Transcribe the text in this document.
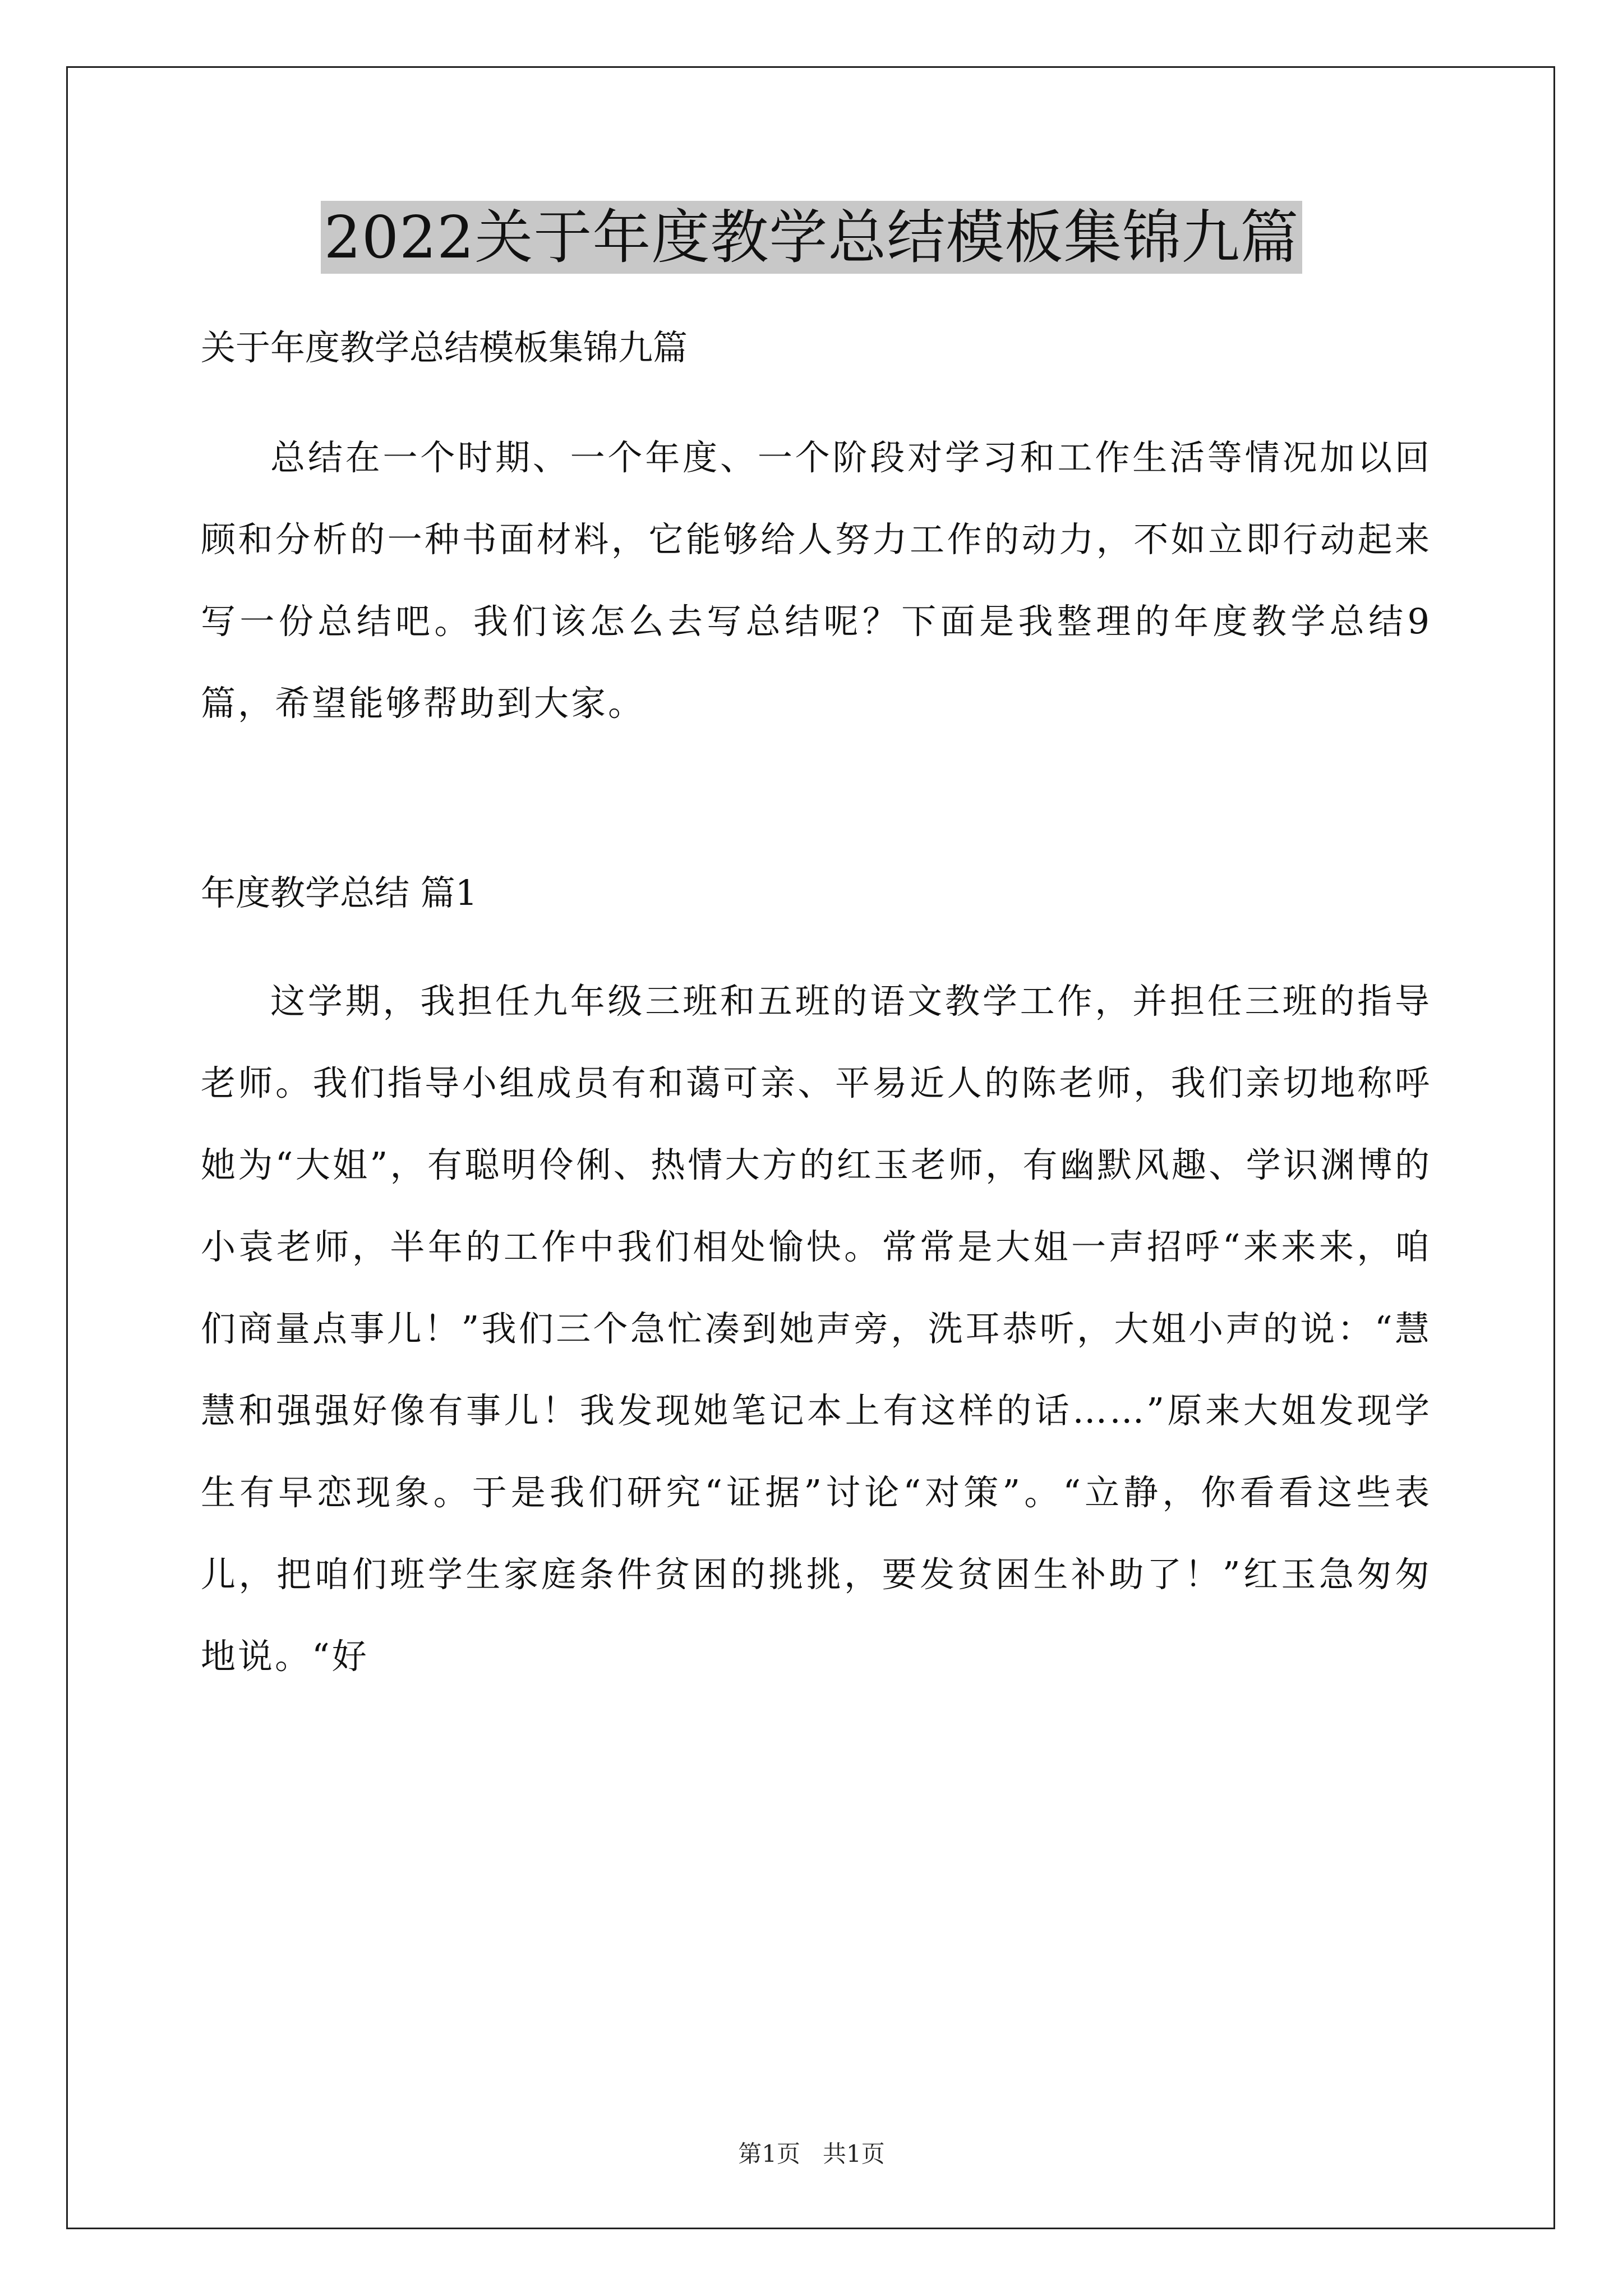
2022关于年度教学总结模板集锦九篇
关于年度教学总结模板集锦九篇

总结在一个时期、一个年度、一个阶段对学习和工作生活等情况加以回顾和分析的一种书面材料，它能够给人努力工作的动力，不如立即行动起来写一份总结吧。我们该怎么去写总结呢？下面是我整理的年度教学总结9篇，希望能够帮助到大家。

年度教学总结 篇1

这学期，我担任九年级三班和五班的语文教学工作，并担任三班的指导老师。我们指导小组成员有和蔼可亲、平易近人的陈老师，我们亲切地称呼她为“大姐”，有聪明伶俐、热情大方的红玉老师，有幽默风趣、学识渊博的小袁老师，半年的工作中我们相处愉快。常常是大姐一声招呼“来来来，咱们商量点事儿！”我们三个急忙凑到她声旁，洗耳恭听，大姐小声的说：“慧慧和强强好像有事儿！我发现她笔记本上有这样的话……”原来大姐发现学生有早恋现象。于是我们研究“证据”讨论“对策”。“立静，你看看这些表儿，把咱们班学生家庭条件贫困的挑挑，要发贫困生补助了！”红玉急匆匆地说。“好

第1页 共1页
